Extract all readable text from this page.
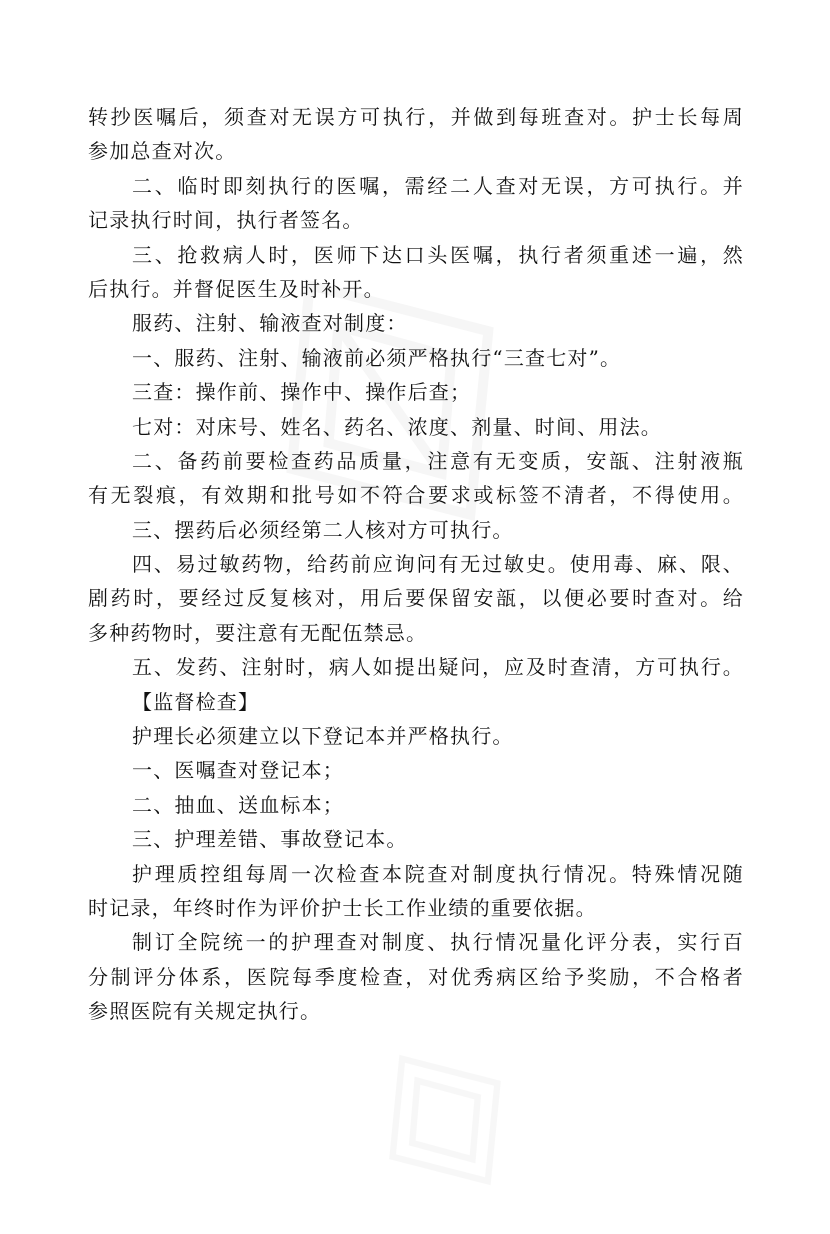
转抄医嘱后，须查对无误方可执行，并做到每班查对。护士长每周
参加总查对次。
二、临时即刻执行的医嘱，需经二人查对无误，方可执行。并
记录执行时间，执行者签名。
三、抢救病人时，医师下达口头医嘱，执行者须重述一遍，然
后执行。并督促医生及时补开。
服药、注射、输液查对制度：
一、服药、注射、输液前必须严格执行“三查七对”。
三查：操作前、操作中、操作后查；
七对：对床号、姓名、药名、浓度、剂量、时间、用法。
二、备药前要检查药品质量，注意有无变质，安瓿、注射液瓶
有无裂痕，有效期和批号如不符合要求或标签不清者，不得使用。
三、摆药后必须经第二人核对方可执行。
四、易过敏药物，给药前应询问有无过敏史。使用毒、麻、限、
剧药时，要经过反复核对，用后要保留安瓿，以便必要时查对。给
多种药物时，要注意有无配伍禁忌。
五、发药、注射时，病人如提出疑问，应及时查清，方可执行。
【监督检查】
护理长必须建立以下登记本并严格执行。
一、医嘱查对登记本；
二、抽血、送血标本；
三、护理差错、事故登记本。
护理质控组每周一次检查本院查对制度执行情况。特殊情况随
时记录，年终时作为评价护士长工作业绩的重要依据。
制订全院统一的护理查对制度、执行情况量化评分表，实行百
分制评分体系，医院每季度检查，对优秀病区给予奖励，不合格者
参照医院有关规定执行。
